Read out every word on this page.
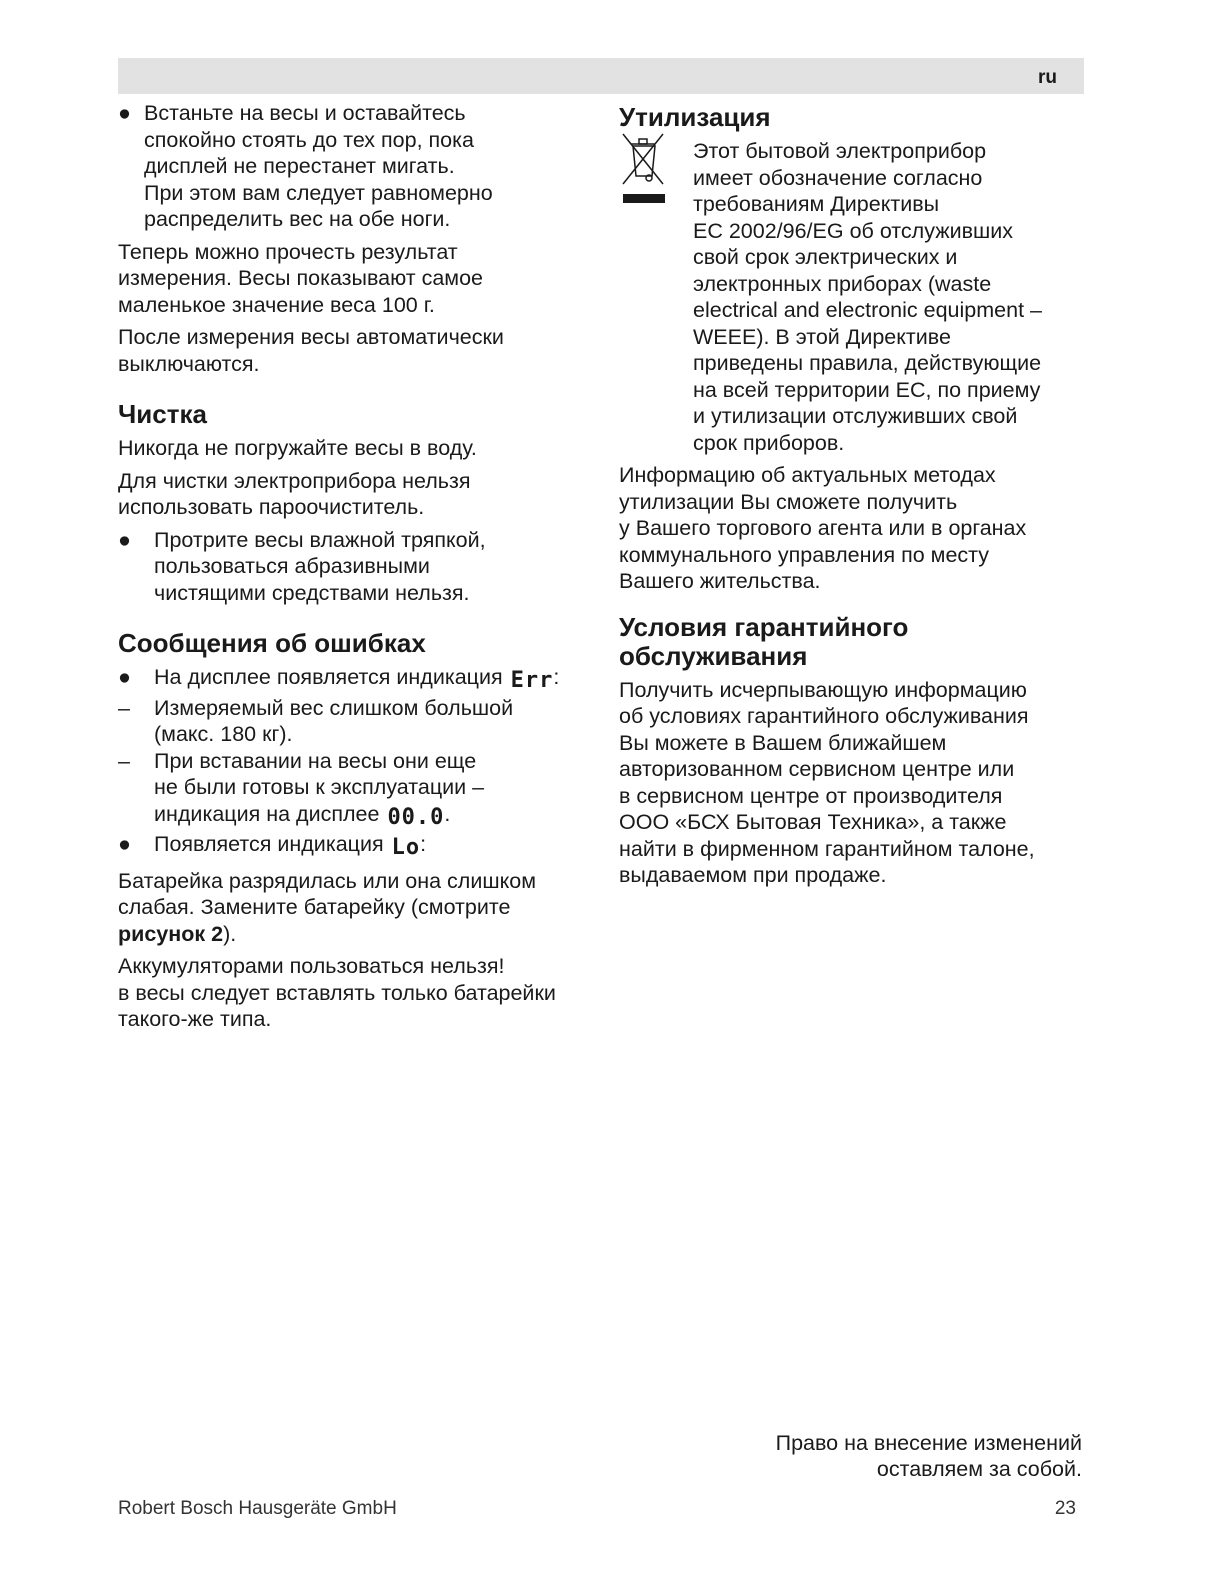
ru
● Встаньте на весы и оставайтесь
спокойно стоять до тех пор, пока
дисплей не перестанет мигать.
При этом вам следует равномерно
распределить вес на обе ноги.

Теперь можно прочесть результат
измерения. Весы показывают самое
маленькое значение веса 100 г.

После измерения весы автоматически
выключаются.

Чистка

Никогда не погружайте весы в воду.

Для чистки электроприбора нельзя
использовать пароочиститель.

●	Протрите весы влажной тряпкой,
пользоваться абразивными
чистящими средствами нельзя.
Сообщения об ошибках
●	На дисплее появляется индикация Err:
–	Измеряемый вес слишком большой
(макс. 180 кг).
–	При вставании на весы они еще
не были готовы к эксплуатации –
индикация на дисплее 00.0.
●	Появляется индикация Lo:

Батарейка разрядилась или она слишком
слабая. Замените батарейку (смотрите
рисунок 2).

Аккумуляторами пользоваться нельзя!
в весы следует вставлять только батарейки
такого-же типа.

Утилизация

Этот бытовой электроприбор
имеет обозначение согласно
требованиям Директивы
ЕС 2002/96/EG об отслуживших
свой срок электрических и
электронных приборах (waste
electrical and electronic equipment –
WEEE). В этой Директиве
приведены правила, действующие
на всей территории ЕС, по приему
и утилизации отслуживших свой
срок приборов.

Информацию об актуальных методах
утилизации Вы сможете получить
у Вашего торгового агента или в органах
коммунального управления по месту
Вашего жительства.

Условия гарантийного
обслуживания

Получить исчерпывающую информацию
об условиях гарантийного обслуживания
Вы можете в Вашем ближайшем
авторизованном сервисном центре или
в сервисном центре от производителя
ООО «БСХ Бытовая Техника», а также
найти в фирменном гарантийном талоне,
выдаваемом при продаже.

Право на внесение изменений
оставляем за собой.
Robert Bosch Hausgeräte GmbH	23
